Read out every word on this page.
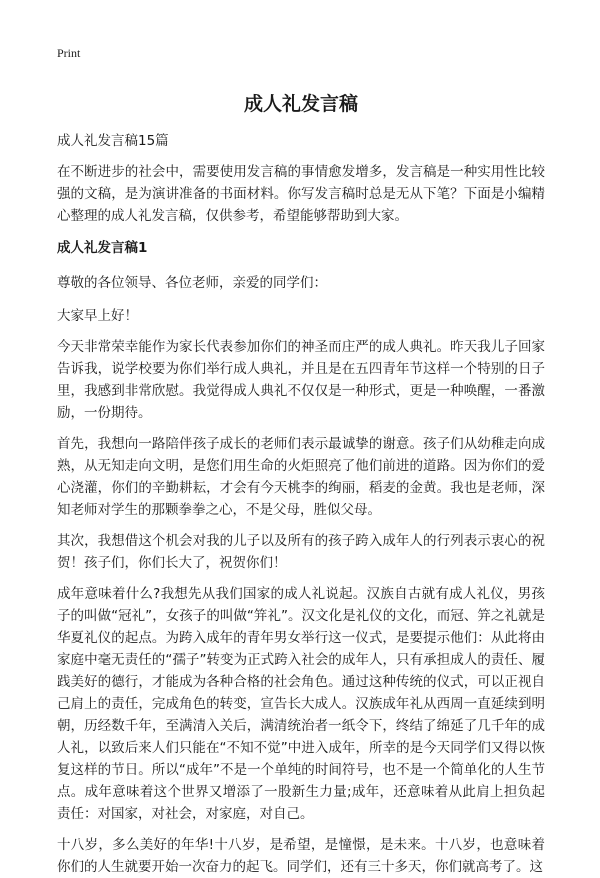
Print

成人礼发言稿

成人礼发言稿15篇

在不断进步的社会中，需要使用发言稿的事情愈发增多，发言稿是一种实用性比较强的文稿，是为演讲准备的书面材料。你写发言稿时总是无从下笔？下面是小编精心整理的成人礼发言稿，仅供参考，希望能够帮助到大家。

成人礼发言稿1

尊敬的各位领导、各位老师，亲爱的同学们：

大家早上好！

今天非常荣幸能作为家长代表参加你们的神圣而庄严的成人典礼。昨天我儿子回家告诉我，说学校要为你们举行成人典礼，并且是在五四青年节这样一个特别的日子里，我感到非常欣慰。我觉得成人典礼不仅仅是一种形式，更是一种唤醒，一番激励，一份期待。

首先，我想向一路陪伴孩子成长的老师们表示最诚挚的谢意。孩子们从幼稚走向成熟，从无知走向文明，是您们用生命的火炬照亮了他们前进的道路。因为你们的爱心浇灌，你们的辛勤耕耘，才会有今天桃李的绚丽，稻麦的金黄。我也是老师，深知老师对学生的那颗拳拳之心，不是父母，胜似父母。

其次，我想借这个机会对我的儿子以及所有的孩子跨入成年人的行列表示衷心的祝贺！孩子们，你们长大了，祝贺你们！

成年意味着什么?我想先从我们国家的成人礼说起。汉族自古就有成人礼仪，男孩子的叫做“冠礼”，女孩子的叫做“笄礼”。汉文化是礼仪的文化，而冠、笄之礼就是华夏礼仪的起点。为跨入成年的青年男女举行这一仪式，是要提示他们：从此将由家庭中毫无责任的“孺子”转变为正式跨入社会的成年人，只有承担成人的责任、履践美好的德行，才能成为各种合格的社会角色。通过这种传统的仪式，可以正视自己肩上的责任，完成角色的转变，宣告长大成人。汉族成年礼从西周一直延续到明朝，历经数千年，至满清入关后，满清统治者一纸令下，终结了绵延了几千年的成人礼，以致后来人们只能在“不知不觉”中进入成年，所幸的是今天同学们又得以恢复这样的节日。所以“成年”不是一个单纯的时间符号，也不是一个简单化的人生节点。成年意味着这个世界又增添了一股新生力量;成年，还意味着从此肩上担负起责任：对国家，对社会，对家庭，对自己。

十八岁，多么美好的年华!十八岁，是希望，是憧憬，是未来。十八岁，也意味着你们的人生就要开始一次奋力的起飞。同学们，还有三十多天，你们就高考了。这
